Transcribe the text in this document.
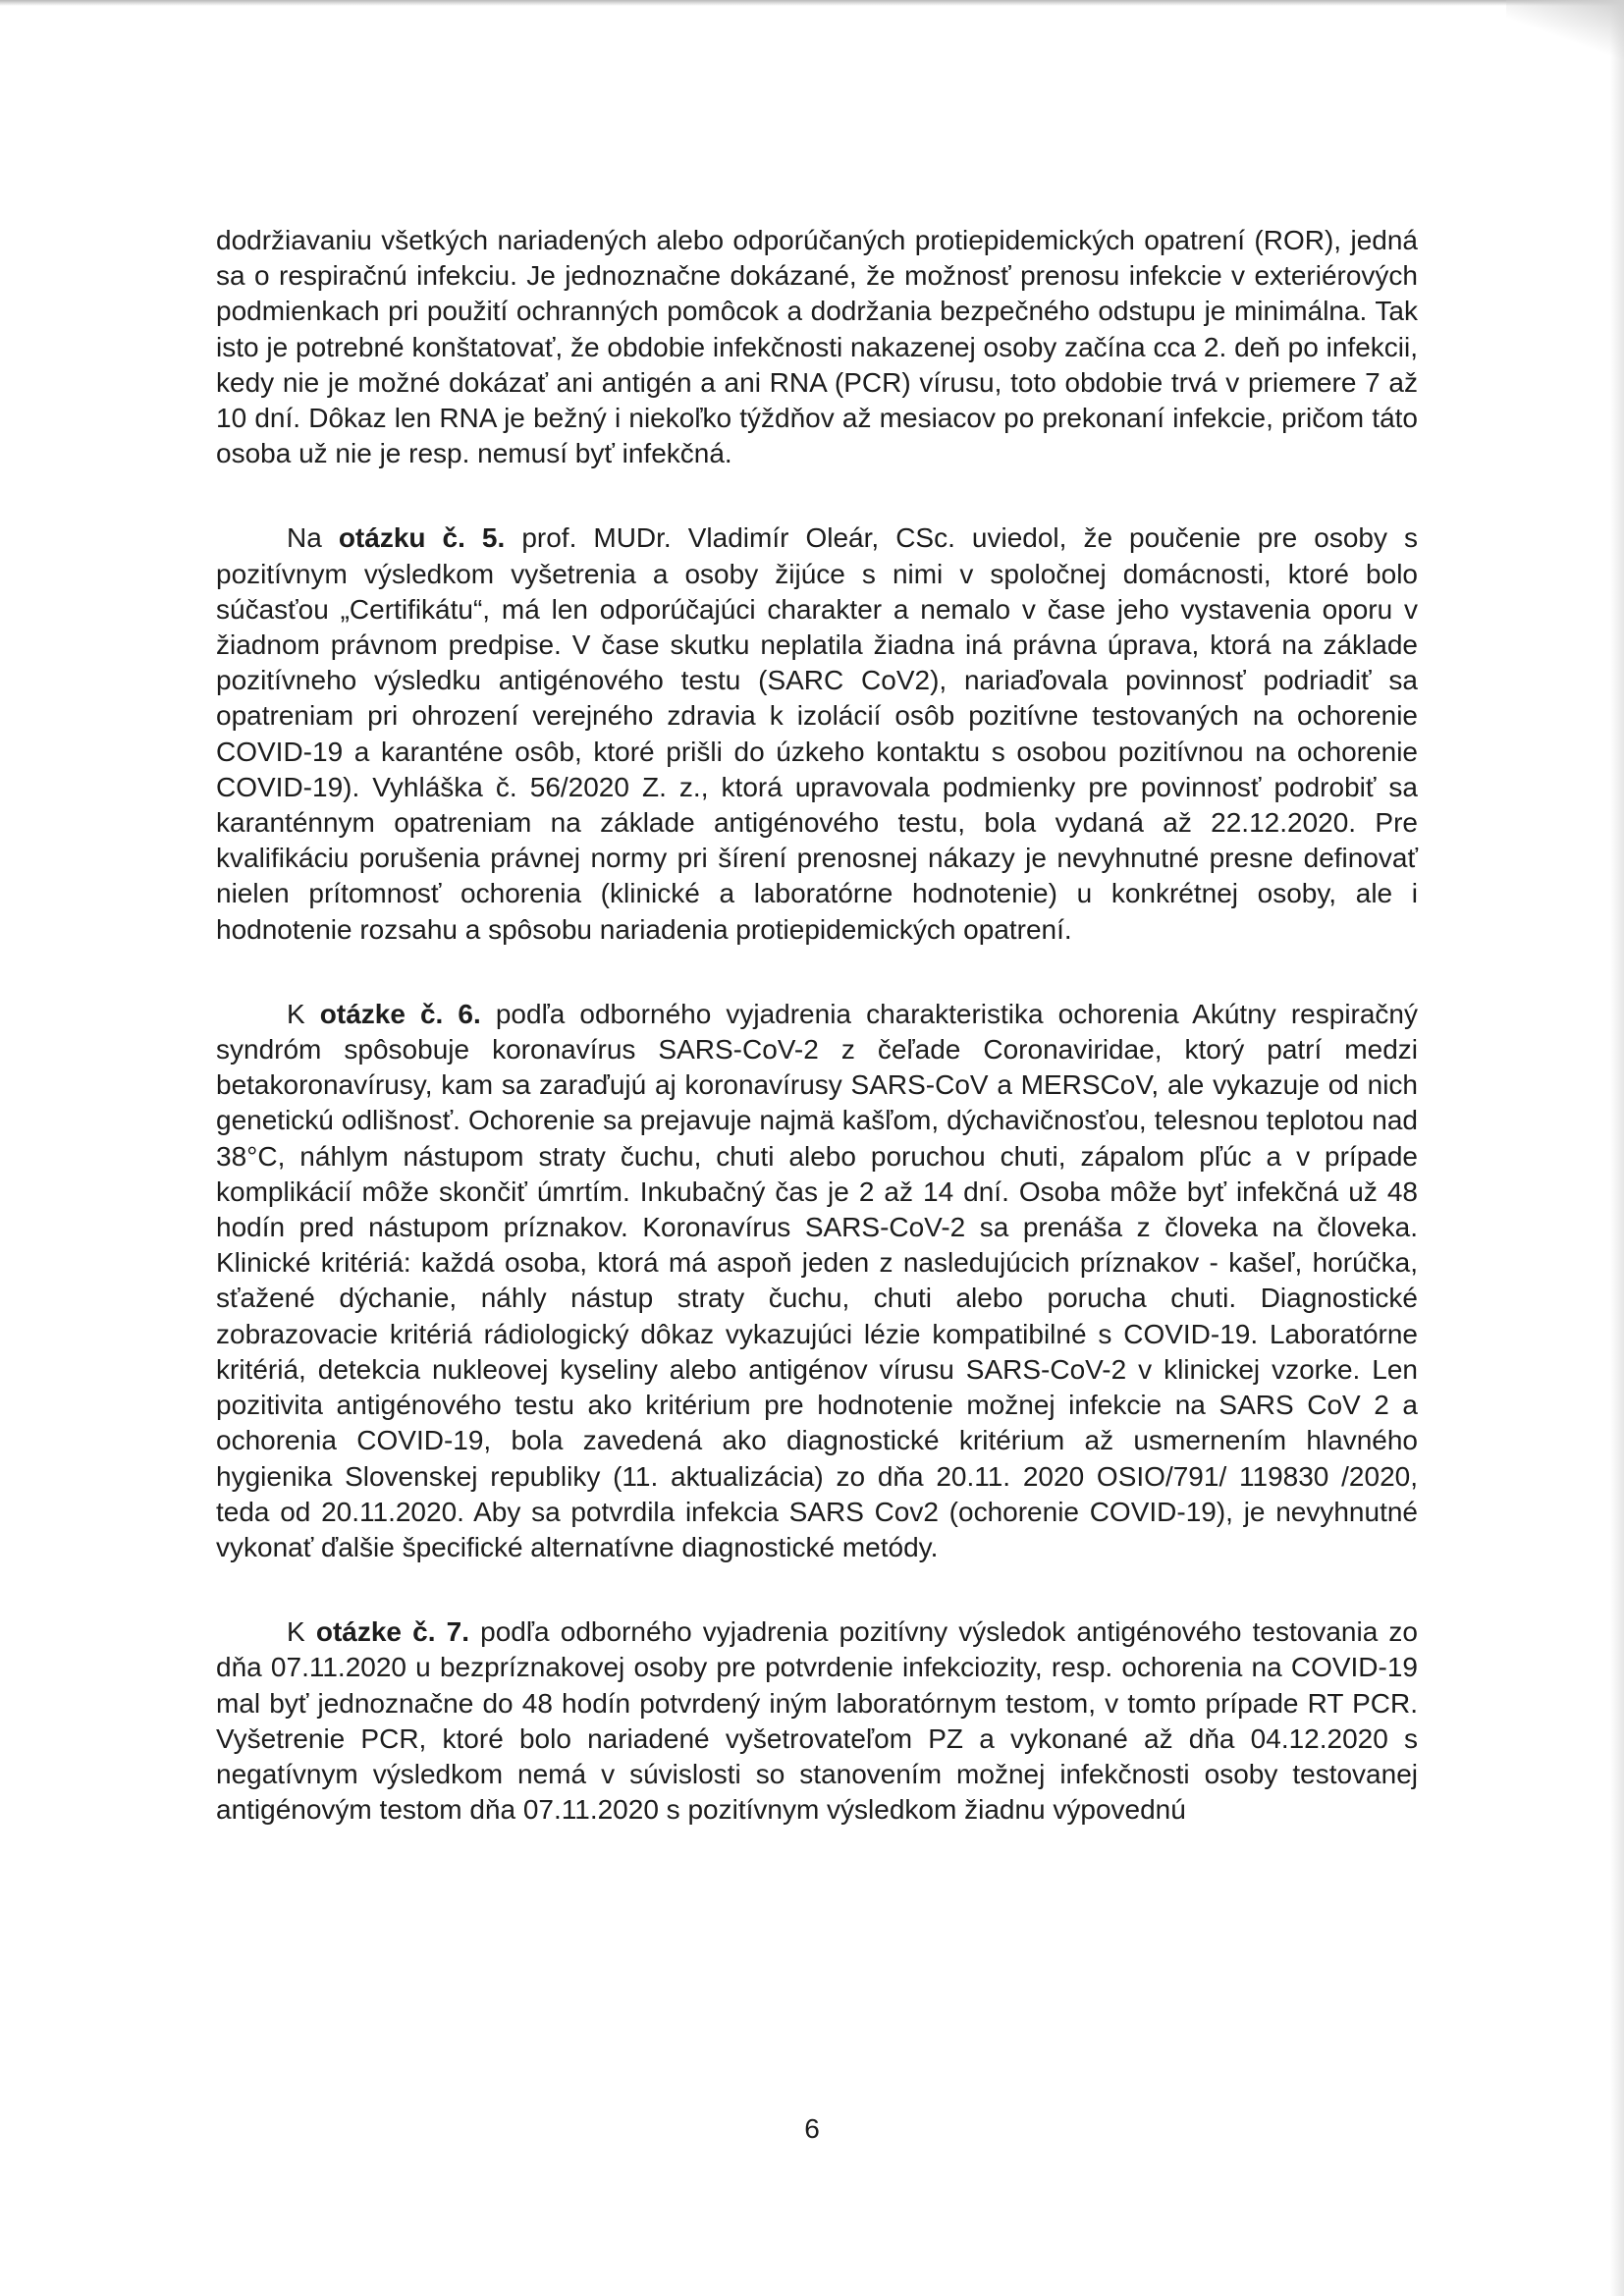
dodržiavaniu všetkých nariadených alebo odporúčaných protiepidemických opatrení (ROR), jedná sa o respiračnú infekciu. Je jednoznačne dokázané, že možnosť prenosu infekcie v exteriérových podmienkach pri použití ochranných pomôcok a dodržania bezpečného odstupu je minimálna. Tak isto je potrebné konštatovať, že obdobie infekčnosti nakazenej osoby začína cca 2. deň po infekcii, kedy nie je možné dokázať ani antigén a ani RNA (PCR) vírusu, toto obdobie trvá v priemere 7 až 10 dní. Dôkaz len RNA je bežný i niekoľko týždňov až mesiacov po prekonaní infekcie, pričom táto osoba už nie je resp. nemusí byť infekčná.

Na otázku č. 5. prof. MUDr. Vladimír Oleár, CSc. uviedol, že poučenie pre osoby s pozitívnym výsledkom vyšetrenia a osoby žijúce s nimi v spoločnej domácnosti, ktoré bolo súčasťou „Certifikátu“, má len odporúčajúci charakter a nemalo v čase jeho vystavenia oporu v žiadnom právnom predpise. V čase skutku neplatila žiadna iná právna úprava, ktorá na základe pozitívneho výsledku antigénového testu (SARC CoV2), nariaďovala povinnosť podriadiť sa opatreniam pri ohrození verejného zdravia k izolácií osôb pozitívne testovaných na ochorenie COVID-19 a karanténe osôb, ktoré prišli do úzkeho kontaktu s osobou pozitívnou na ochorenie COVID-19). Vyhláška č. 56/2020 Z. z., ktorá upravovala podmienky pre povinnosť podrobiť sa karanténnym opatreniam na základe antigénového testu, bola vydaná až 22.12.2020. Pre kvalifikáciu porušenia právnej normy pri šírení prenosnej nákazy je nevyhnutné presne definovať nielen prítomnosť ochorenia (klinické a laboratórne hodnotenie) u konkrétnej osoby, ale i hodnotenie rozsahu a spôsobu nariadenia protiepidemických opatrení.

K otázke č. 6. podľa odborného vyjadrenia charakteristika ochorenia Akútny respiračný syndróm spôsobuje koronavírus SARS-CoV-2 z čeľade Coronaviridae, ktorý patrí medzi betakoronavírusy, kam sa zaraďujú aj koronavírusy SARS-CoV a MERSCoV, ale vykazuje od nich genetickú odlišnosť. Ochorenie sa prejavuje najmä kašľom, dýchavičnosťou, telesnou teplotou nad 38°C, náhlym nástupom straty čuchu, chuti alebo poruchou chuti, zápalom pľúc a v prípade komplikácií môže skončiť úmrtím. Inkubačný čas je 2 až 14 dní. Osoba môže byť infekčná už 48 hodín pred nástupom príznakov. Koronavírus SARS-CoV-2 sa prenáša z človeka na človeka. Klinické kritériá: každá osoba, ktorá má aspoň jeden z nasledujúcich príznakov - kašeľ, horúčka, sťažené dýchanie, náhly nástup straty čuchu, chuti alebo porucha chuti. Diagnostické zobrazovacie kritériá rádiologický dôkaz vykazujúci lézie kompatibilné s COVID-19. Laboratórne kritériá, detekcia nukleovej kyseliny alebo antigénov vírusu SARS-CoV-2 v klinickej vzorke. Len pozitivita antigénového testu ako kritérium pre hodnotenie možnej infekcie na SARS CoV 2 a ochorenia COVID-19, bola zavedená ako diagnostické kritérium až usmernením hlavného hygienika Slovenskej republiky (11. aktualizácia) zo dňa 20.11. 2020 OSIO/791/ 119830 /2020, teda od 20.11.2020. Aby sa potvrdila infekcia SARS Cov2 (ochorenie COVID-19), je nevyhnutné vykonať ďalšie špecifické alternatívne diagnostické metódy.

K otázke č. 7. podľa odborného vyjadrenia pozitívny výsledok antigénového testovania zo dňa 07.11.2020 u bezpríznakovej osoby pre potvrdenie infekciozity, resp. ochorenia na COVID-19 mal byť jednoznačne do 48 hodín potvrdený iným laboratórnym testom, v tomto prípade RT PCR. Vyšetrenie PCR, ktoré bolo nariadené vyšetrovateľom PZ a vykonané až dňa 04.12.2020 s negatívnym výsledkom nemá v súvislosti so stanovením možnej infekčnosti osoby testovanej antigénovým testom dňa 07.11.2020 s pozitívnym výsledkom žiadnu výpovednú

6
